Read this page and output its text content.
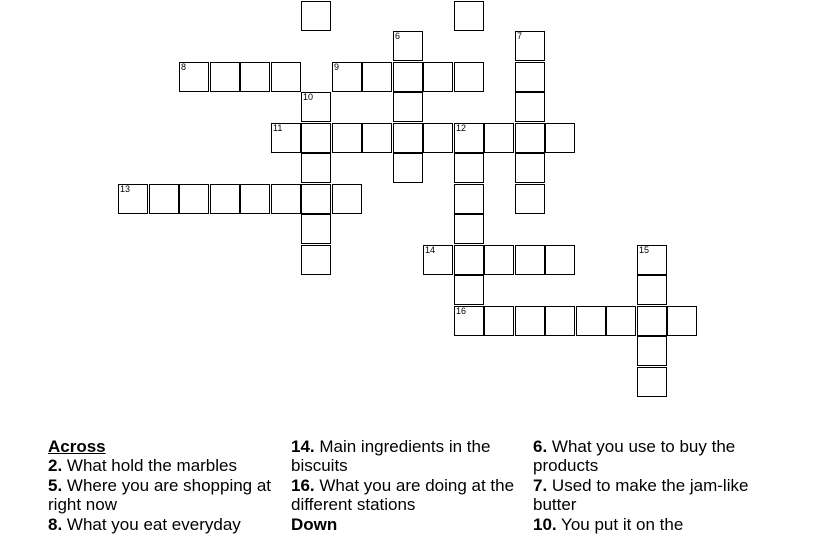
6	7
8	9
10
11	12
13
14	15
16
Across
2. What hold the marbles
5. Where you are shopping at right now
8. What you eat everyday
14. Main ingredients in the biscuits
16. What you are doing at the different stations
Down
6. What you use to buy the products
7. Used to make the jam-like butter
10. You put it on the
